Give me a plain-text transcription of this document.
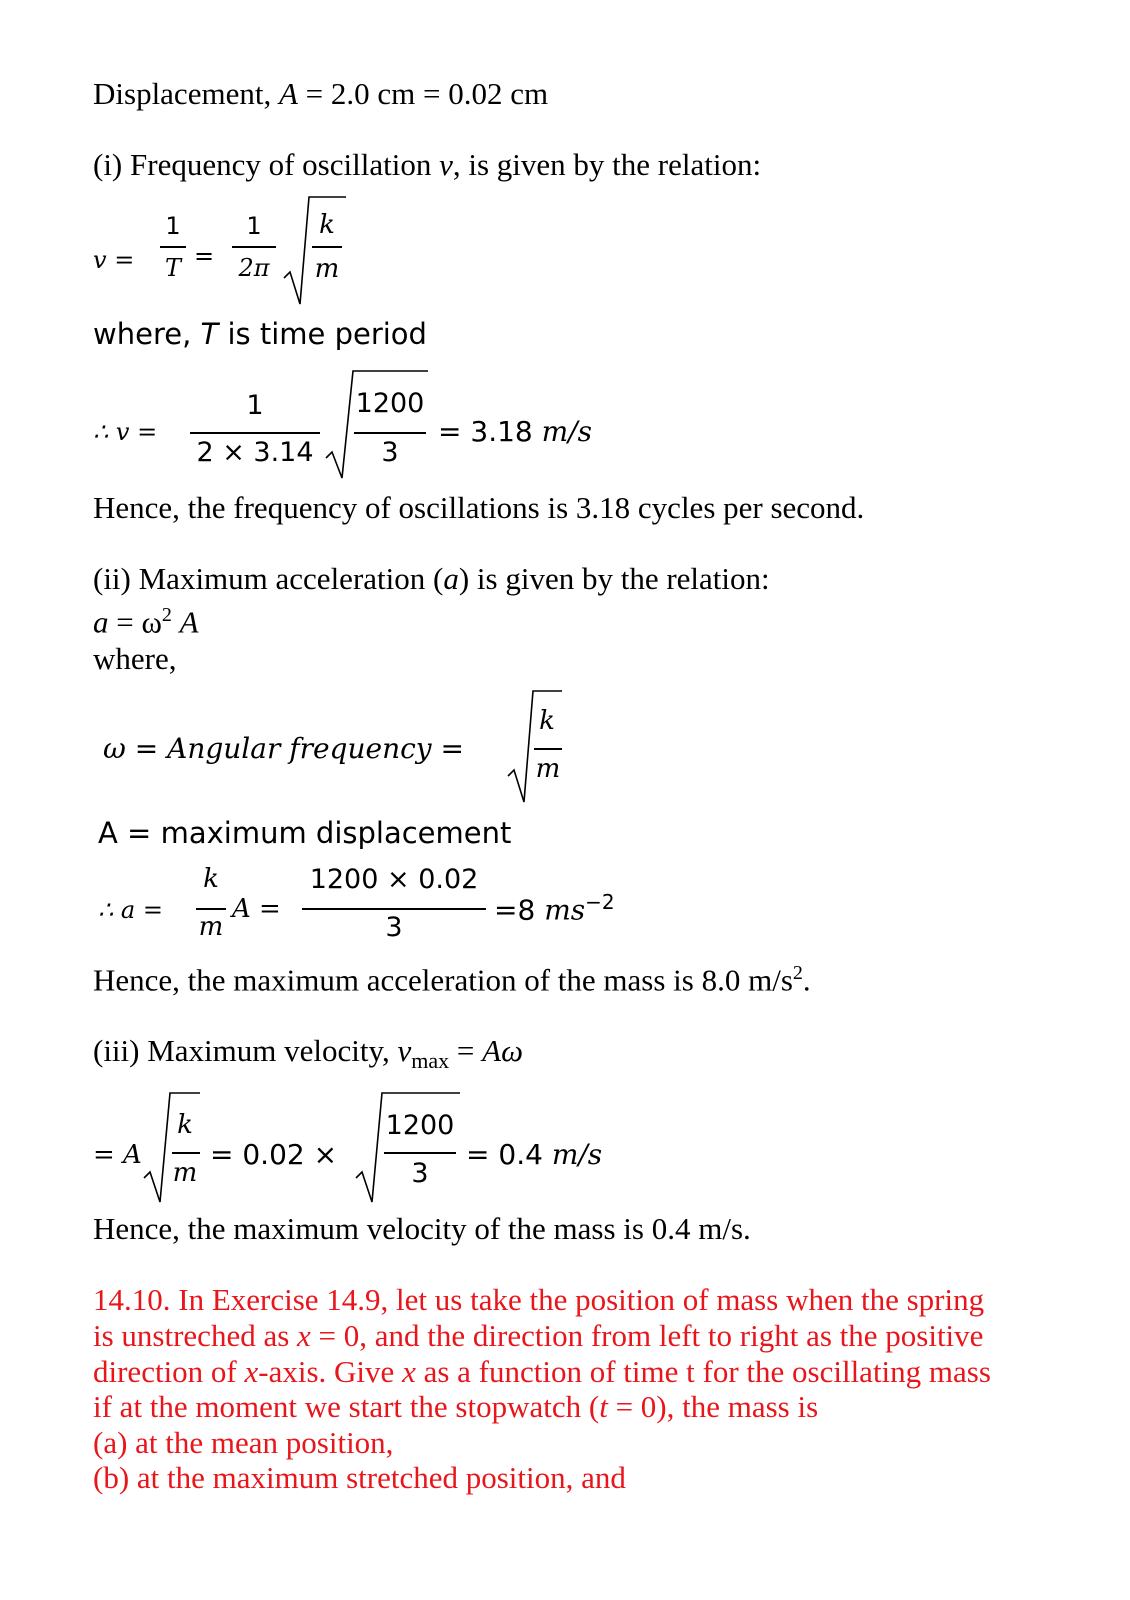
Displacement, A = 2.0 cm = 0.02 cm
(i) Frequency of oscillation v, is given by the relation:
v =
1
T =
1
2π
k
m
where, T is time period
∴ v =
1
2 × 3.14
1200
3
= 3.18 m/s
Hence, the frequency of oscillations is 3.18 cycles per second.
(ii) Maximum acceleration (a) is given by the relation:
$a = \omega^2$ A
where,
ω = Angular frequency =
k
m
A = maximum displacement
∴ a =
k
m
A =
1200 × 0.02
3
=8 $ms^{-2}$
Hence, the maximum acceleration of the mass is 8.0 $m/s^2$.
(iii) Maximum velocity, $v_{max} = A\omega$
= A
k
m
= 0.02 ×
1200
3
= 0.4 m/s
Hence, the maximum velocity of the mass is 0.4 m/s.
14.10. In Exercise 14.9, let us take the position of mass when the spring
is unstreched as x = 0, and the direction from left to right as the positive
direction of x-axis. Give x as a function of time t for the oscillating mass
if at the moment we start the stopwatch (t = 0), the mass is
(a) at the mean position,
(b) at the maximum stretched position, and
